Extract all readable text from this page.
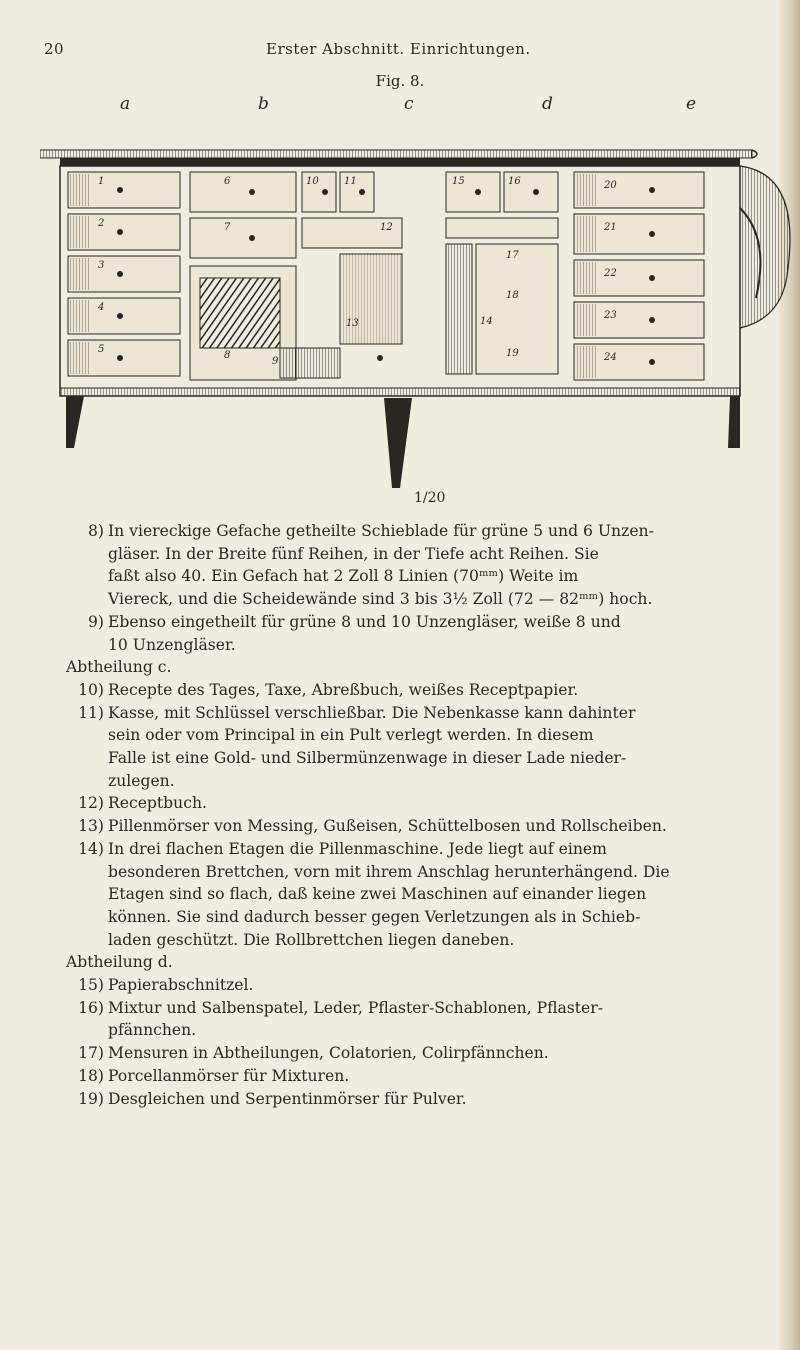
20	Erster Abschnitt. Einrichtungen.
Fig. 8.
a	b	c	d	e
1
2
3
4
5
6
7
8
9
10	11
12
13	14
15	16
17
18
19
20
21
22
23
24
1/20
8) In viereckige Gefache getheilte Schieblade für grüne 5 und 6 Unzen-
gläser. In der Breite fünf Reihen, in der Tiefe acht Reihen. Sie
faßt also 40. Ein Gefach hat 2 Zoll 8 Linien (70ᵐᵐ) Weite im
Viereck, und die Scheidewände sind 3 bis 3½ Zoll (72 — 82ᵐᵐ) hoch.
9) Ebenso eingetheilt für grüne 8 und 10 Unzengläser, weiße 8 und
10 Unzengläser.
Abtheilung c.
10) Recepte des Tages, Taxe, Abreßbuch, weißes Receptpapier.
11) Kasse, mit Schlüssel verschließbar. Die Nebenkasse kann dahinter
sein oder vom Principal in ein Pult verlegt werden. In diesem
Falle ist eine Gold- und Silbermünzenwage in dieser Lade nieder-
zulegen.
12) Receptbuch.
13) Pillenmörser von Messing, Gußeisen, Schüttelbosen und Rollscheiben.
14) In drei flachen Etagen die Pillenmaschine. Jede liegt auf einem
besonderen Brettchen, vorn mit ihrem Anschlag herunterhängend. Die
Etagen sind so flach, daß keine zwei Maschinen auf einander liegen
können. Sie sind dadurch besser gegen Verletzungen als in Schieb-
laden geschützt. Die Rollbrettchen liegen daneben.
Abtheilung d.
15) Papierabschnitzel.
16) Mixtur und Salbenspatel, Leder, Pflaster-Schablonen, Pflaster-
pfännchen.
17) Mensuren in Abtheilungen, Colatorien, Colirpfännchen.
18) Porcellanmörser für Mixturen.
19) Desgleichen und Serpentinmörser für Pulver.
